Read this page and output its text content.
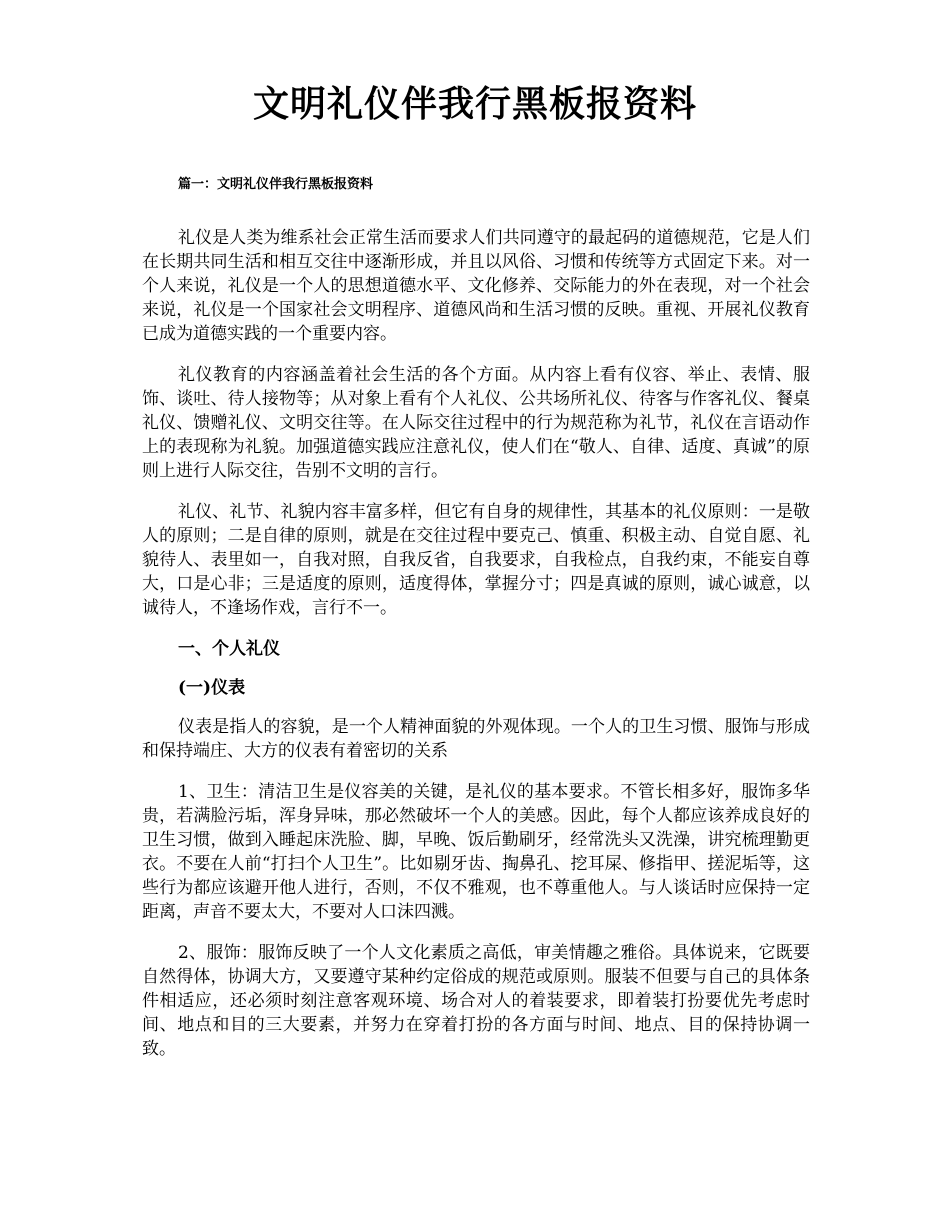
文明礼仪伴我行黑板报资料
篇一：文明礼仪伴我行黑板报资料

礼仪是人类为维系社会正常生活而要求人们共同遵守的最起码的道德规范，它是人们在长期共同生活和相互交往中逐渐形成，并且以风俗、习惯和传统等方式固定下来。对一个人来说，礼仪是一个人的思想道德水平、文化修养、交际能力的外在表现，对一个社会来说，礼仪是一个国家社会文明程序、道德风尚和生活习惯的反映。重视、开展礼仪教育已成为道德实践的一个重要内容。

礼仪教育的内容涵盖着社会生活的各个方面。从内容上看有仪容、举止、表情、服饰、谈吐、待人接物等；从对象上看有个人礼仪、公共场所礼仪、待客与作客礼仪、餐桌礼仪、馈赠礼仪、文明交往等。在人际交往过程中的行为规范称为礼节，礼仪在言语动作上的表现称为礼貌。加强道德实践应注意礼仪，使人们在“敬人、自律、适度、真诚”的原则上进行人际交往，告别不文明的言行。

礼仪、礼节、礼貌内容丰富多样，但它有自身的规律性，其基本的礼仪原则：一是敬人的原则；二是自律的原则，就是在交往过程中要克己、慎重、积极主动、自觉自愿、礼貌待人、表里如一，自我对照，自我反省，自我要求，自我检点，自我约束，不能妄自尊大，口是心非；三是适度的原则，适度得体，掌握分寸；四是真诚的原则，诚心诚意，以诚待人，不逢场作戏，言行不一。

一、个人礼仪
(一)仪表

仪表是指人的容貌，是一个人精神面貌的外观体现。一个人的卫生习惯、服饰与形成和保持端庄、大方的仪表有着密切的关系

1、卫生：清洁卫生是仪容美的关键，是礼仪的基本要求。不管长相多好，服饰多华贵，若满脸污垢，浑身异味，那必然破坏一个人的美感。因此，每个人都应该养成良好的卫生习惯，做到入睡起床洗脸、脚，早晚、饭后勤刷牙，经常洗头又洗澡，讲究梳理勤更衣。不要在人前“打扫个人卫生”。比如剔牙齿、掏鼻孔、挖耳屎、修指甲、搓泥垢等，这些行为都应该避开他人进行，否则，不仅不雅观，也不尊重他人。与人谈话时应保持一定距离，声音不要太大，不要对人口沫四溅。

2、服饰：服饰反映了一个人文化素质之高低，审美情趣之雅俗。具体说来，它既要自然得体，协调大方，又要遵守某种约定俗成的规范或原则。服装不但要与自己的具体条件相适应，还必须时刻注意客观环境、场合对人的着装要求，即着装打扮要优先考虑时间、地点和目的三大要素，并努力在穿着打扮的各方面与时间、地点、目的保持协调一致。
